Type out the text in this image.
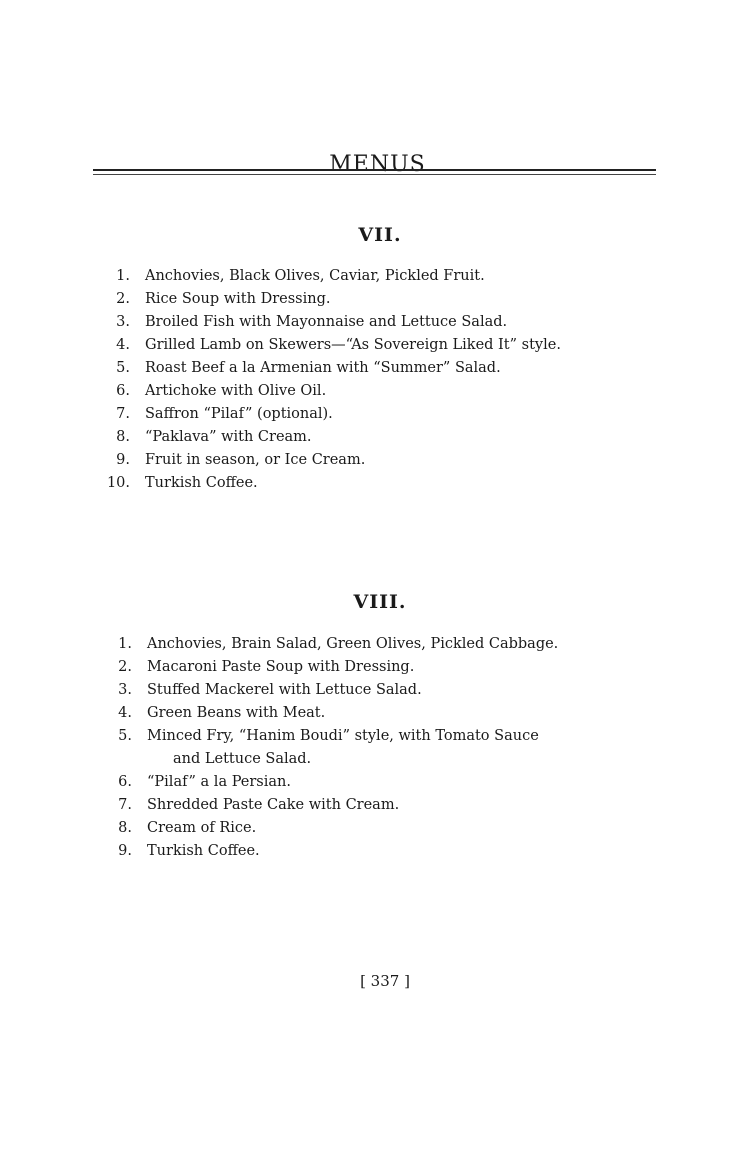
MENUS
VII.
1. Anchovies, Black Olives, Caviar, Pickled Fruit.
2. Rice Soup with Dressing.
3. Broiled Fish with Mayonnaise and Lettuce Salad.
4. Grilled Lamb on Skewers—“As Sovereign Liked It” style.
5. Roast Beef a la Armenian with “Summer” Salad.
6. Artichoke with Olive Oil.
7. Saffron “Pilaf” (optional).
8. “Paklava” with Cream.
9. Fruit in season, or Ice Cream.
10. Turkish Coffee.
VIII.
1. Anchovies, Brain Salad, Green Olives, Pickled Cabbage.
2. Macaroni Paste Soup with Dressing.
3. Stuffed Mackerel with Lettuce Salad.
4. Green Beans with Meat.
5. Minced Fry, “Hanim Boudi” style, with Tomato Sauce
and Lettuce Salad.
6. “Pilaf” a la Persian.
7. Shredded Paste Cake with Cream.
8. Cream of Rice.
9. Turkish Coffee.
[ 337 ]
